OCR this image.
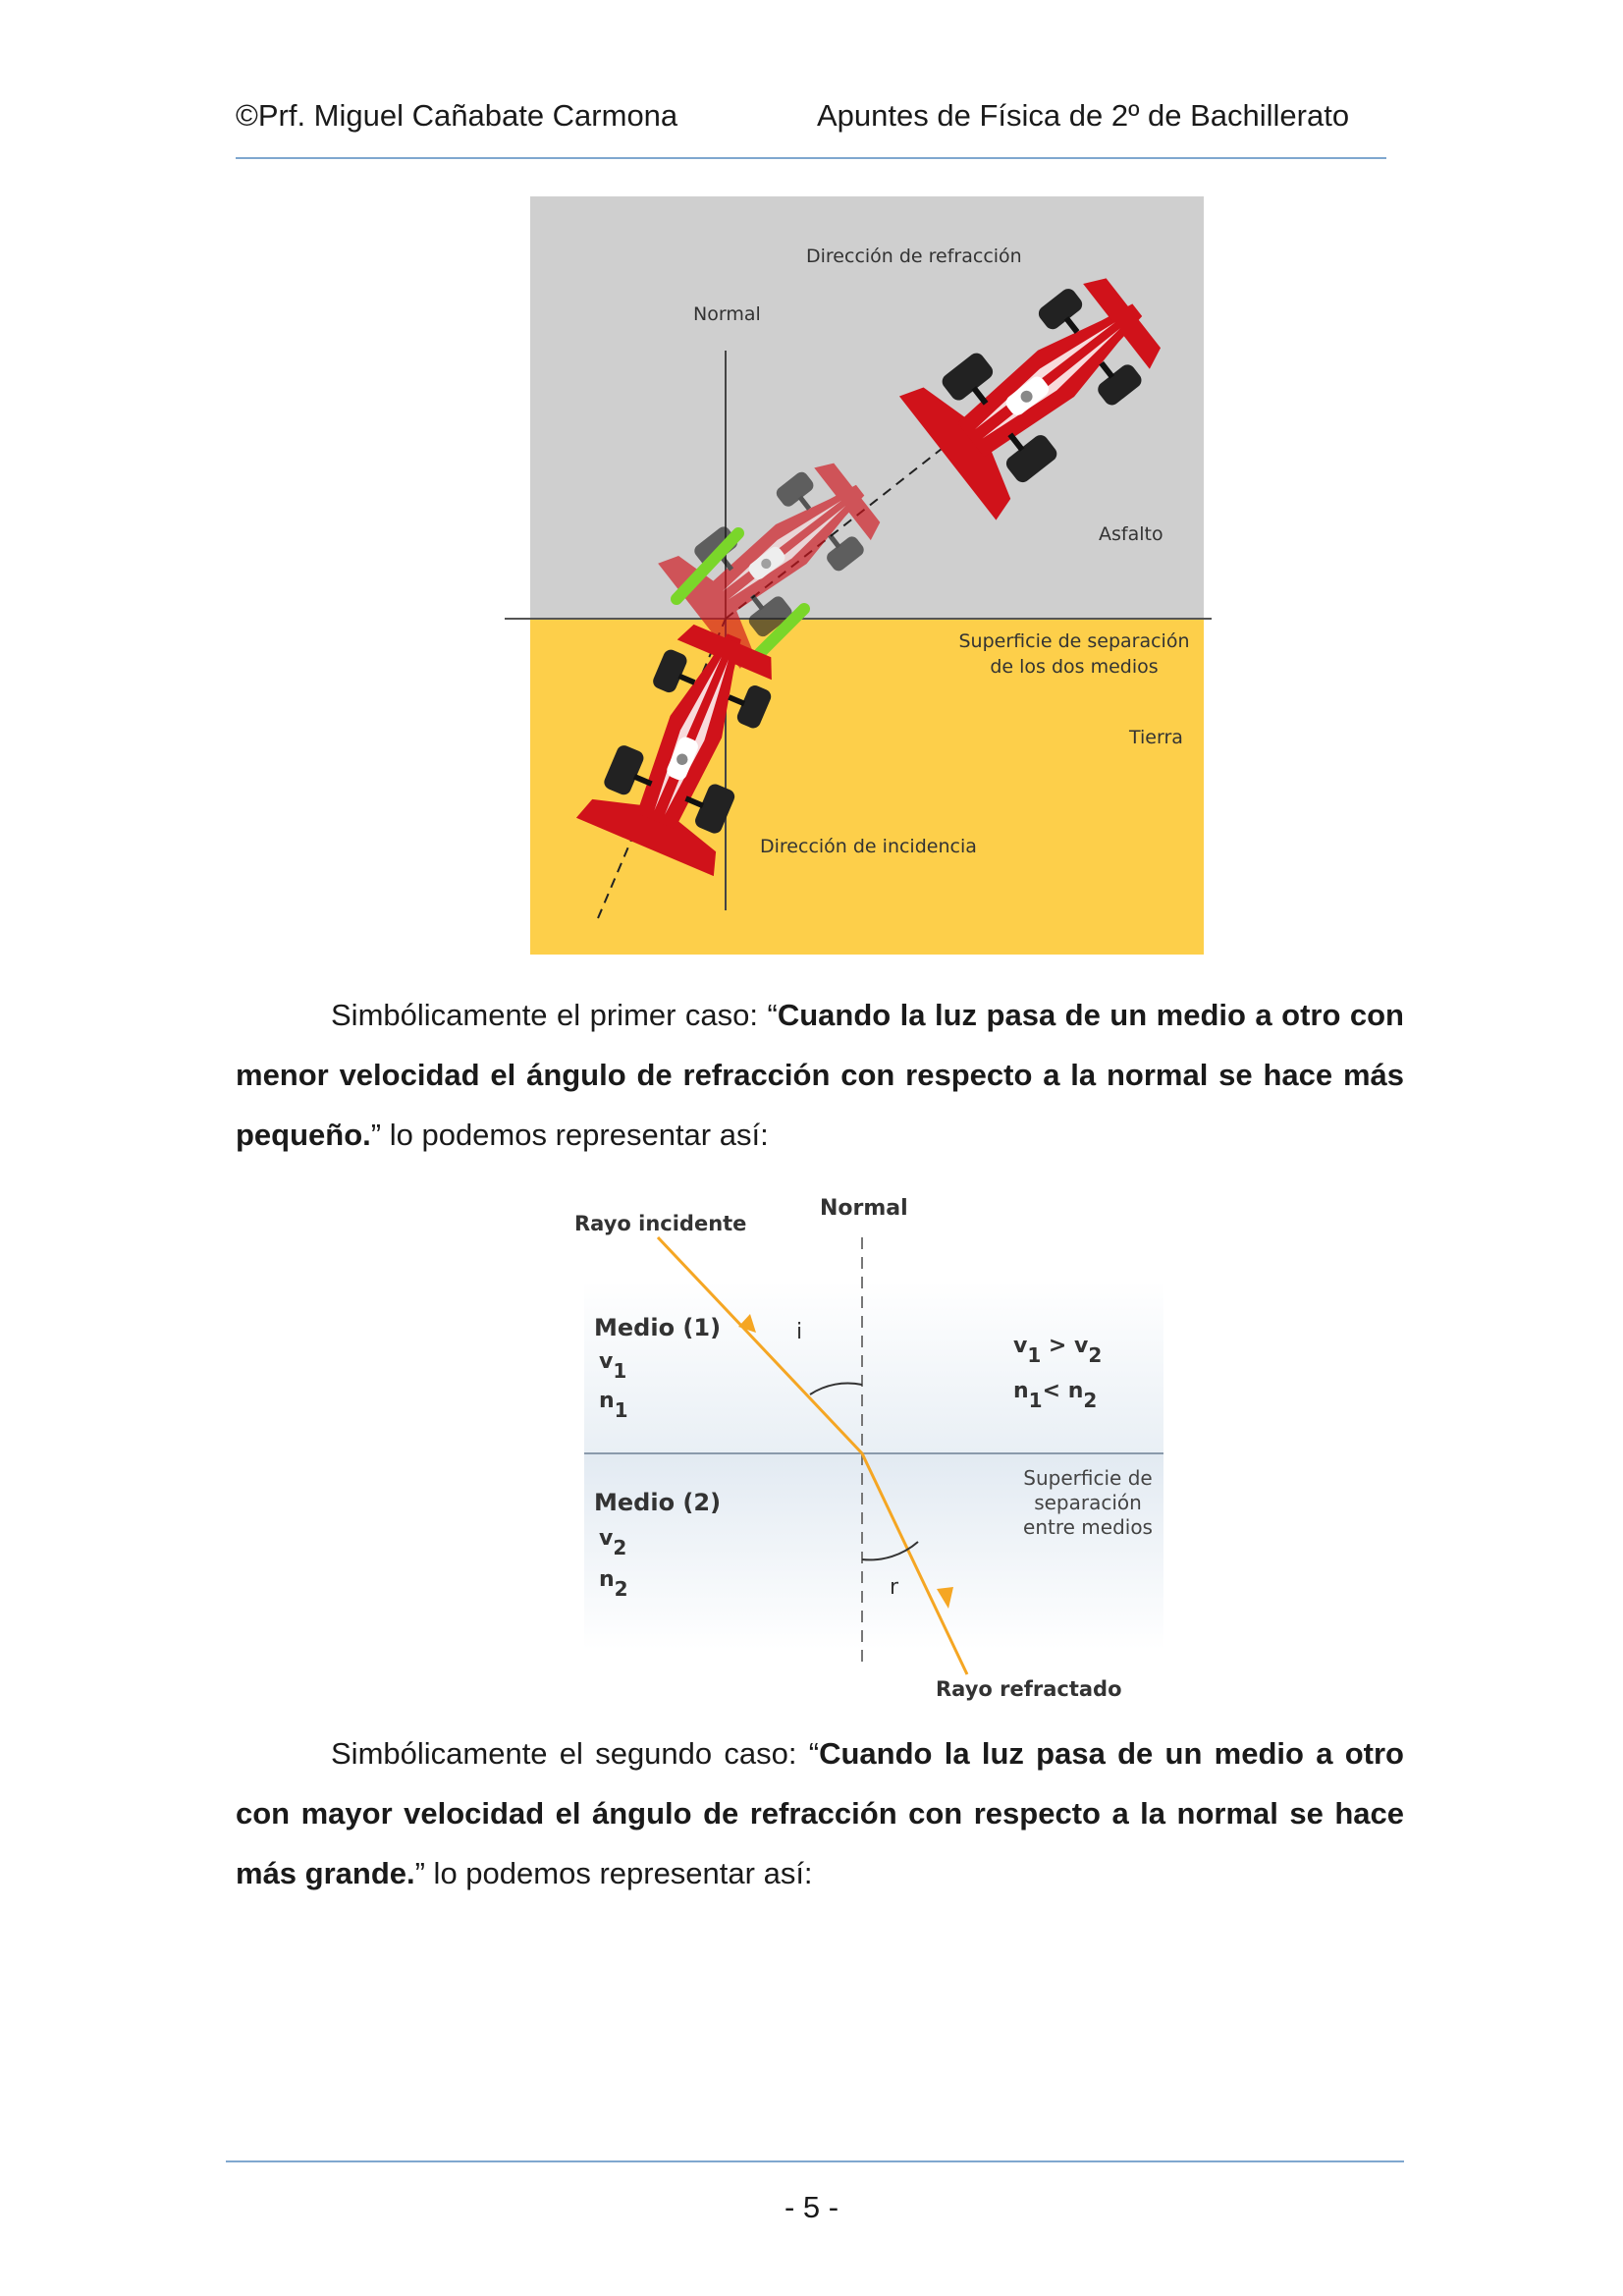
©Prf. Miguel Cañabate Carmona	Apuntes de Física de 2º de Bachillerato
Dirección de refracción
Normal
Asfalto
Superficie de separación
de los dos medios
Tierra
Dirección de incidencia

Simbólicamente el primer caso: “Cuando la luz pasa de un medio a otro con menor velocidad el ángulo de refracción con respecto a la normal se hace más pequeño.” lo podemos representar así:

Normal
Rayo incidente
Medio (1)
v1
n1
i
v1 > v2
n1< n2
Medio (2)
v2
n2	r
Superficie de
separación
entre medios
Rayo refractado

Simbólicamente el segundo caso: “Cuando la luz pasa de un medio a otro con mayor velocidad el ángulo de refracción con respecto a la normal se hace más grande.” lo podemos representar así:

- 5 -
